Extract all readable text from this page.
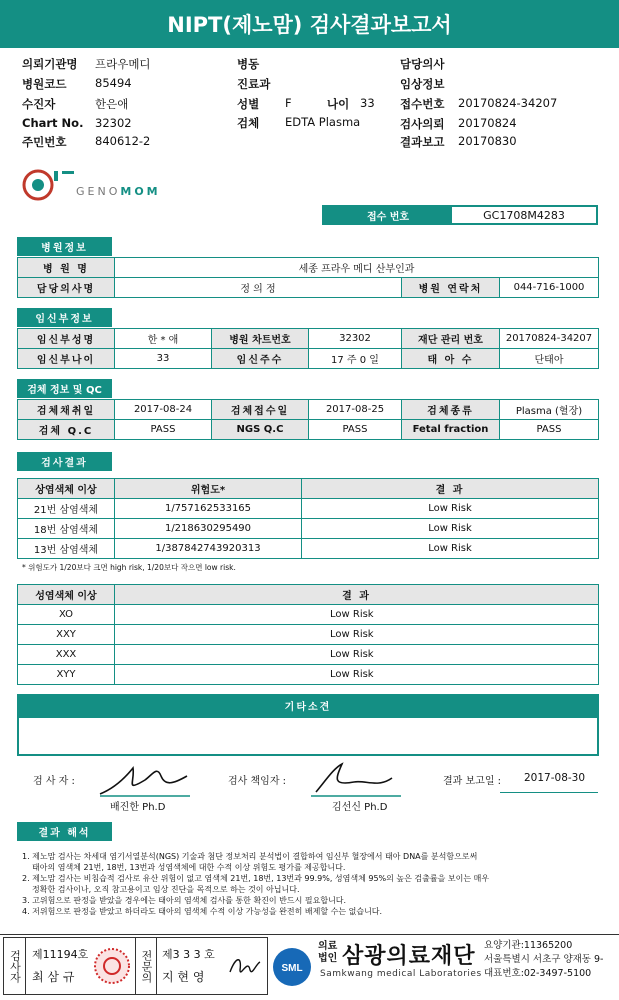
NIPT(제노맘) 검사결과보고서
의뢰기관명 프라우메디
병원코드 85494
수진자	한은애
Chart No. 32302
주민번호 840612-2
병동
진료과
성별 F	나이 33
검체 EDTA Plasma
담당의사
임상정보
접수번호 20170824-34207
검사의뢰 20170824
결과보고 20170830
GENOMOM
접수 번호	GC1708M4283
병원정보
병 원 명	세종 프라우 메디 산부인과		
담당의사명	정 의 정	병원 연락처	044-716-1000
임신부정보
임신부성명	한 * 애	병원 차트번호	32302	재단 관리 번호	20170824-34207
임신부나이	33	임신주수	17 주 0 일	태 아 수	단태아
검체 정보 및 QC
검체채취일	2017-08-24	검체접수일	2017-08-25	검체종류	Plasma (혈장)
검체 Q.C	PASS	NGS Q.C	PASS	Fetal fraction	PASS
검사결과
상염색체 이상	위험도*	결 과
21번 삼염색체	1/757162533165	Low Risk
18번 삼염색체	1/218630295490	Low Risk
13번 삼염색체	1/387842743920313	Low Risk
* 위험도가 1/20보다 크면 high risk, 1/20보다 작으면 low risk.
성염색체 이상	결 과
XO	Low Risk
XXY	Low Risk
XXX	Low Risk
XYY	Low Risk
기타소견
검 사 자 :
배진한 Ph.D
검사 책임자 :
김선신 Ph.D
결과 보고일 : 2017-08-30
결과 해석
1. 제노맘 검사는 차세대 염기서열분석(NGS) 기술과 첨단 정보처리 분석법이 결합하여 임신부 혈장에서 태아 DNA를 분석함으로써
태아의 염색체 21번, 18번, 13번과 성염색체에 대한 수적 이상 위험도 평가를 제공합니다.
2. 제노맘 검사는 비침습적 검사로 유산 위험이 없고 염색체 21번, 18번, 13번과 99.9%, 성염색체 95%의 높은 검출률을 보이는 매우
정확한 검사이나, 오직 참고용이고 임상 진단을 목적으로 하는 것이 아닙니다.
3. 고위험으로 판정을 받았을 경우에는 태아의 염색체 검사를 통한 확진이 반드시 필요합니다.
4. 저위험으로 판정을 받았고 하더라도 태아의 염색체 수적 이상 가능성을 완전히 배제할 수는 없습니다.
검사자 제11194호
최 삼 규	전문의 제3 3 3 호
지 현 영
SML
의료
법인 삼광의료재단
Samkwang medical Laboratories
요양기관:11365200
서울특별시 서초구 양재동 9-
대표번호:02-3497-5100
